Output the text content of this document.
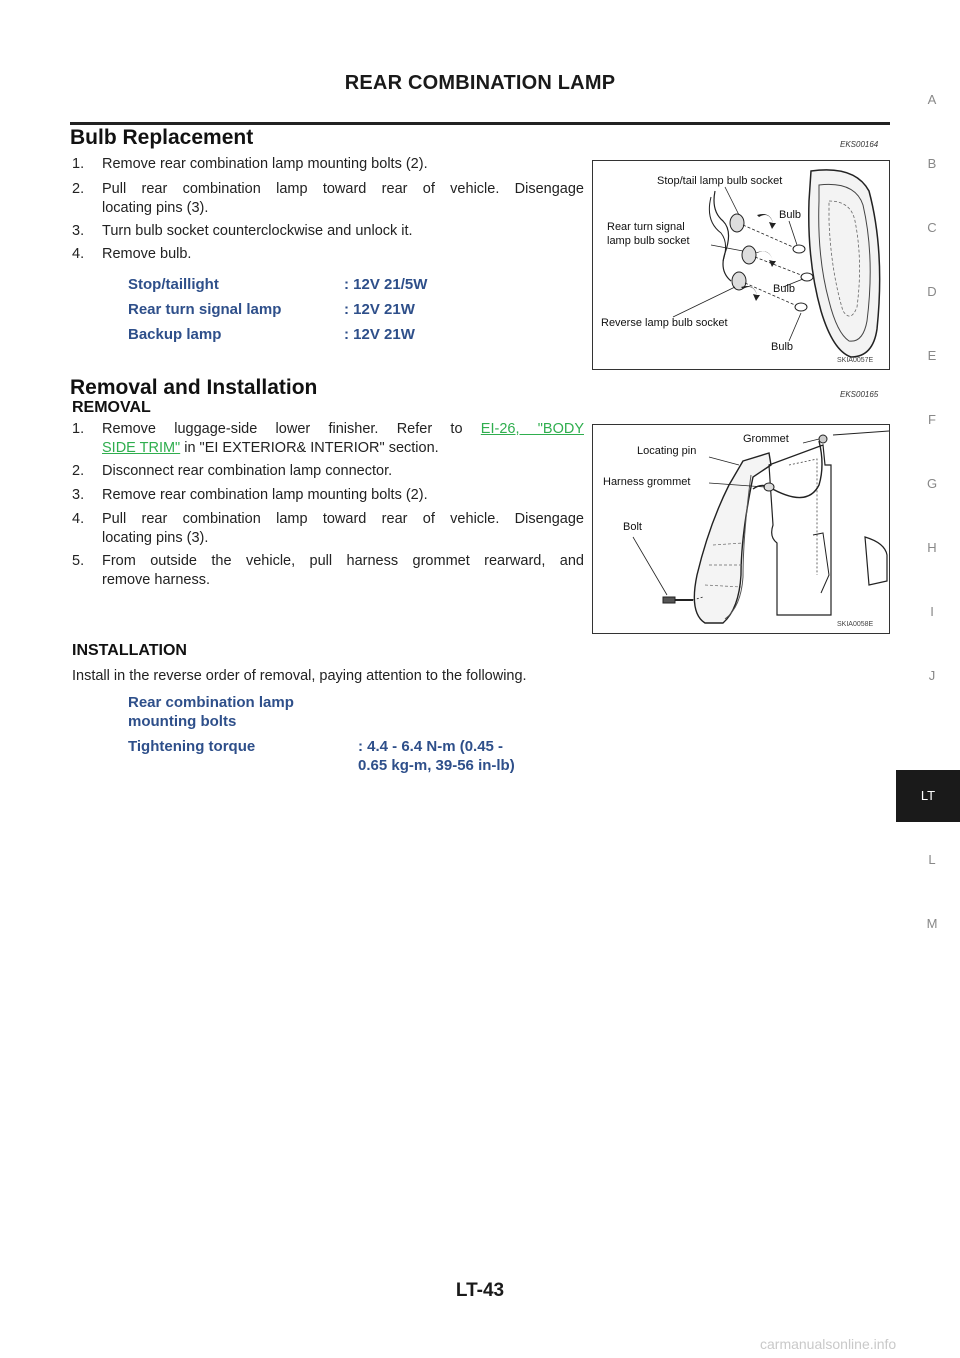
REAR COMBINATION LAMP
Bulb Replacement	EKS00164
1. Remove rear combination lamp mounting bolts (2).
2. Pull rear combination lamp toward rear of vehicle. Disengage
locating pins (3).
3. Turn bulb socket counterclockwise and unlock it.
4. Remove bulb.
Stop/taillight	: 12V 21/5W
Rear turn signal lamp	: 12V 21W
Backup lamp	: 12V 21W
Stop/tail lamp bulb socket
Bulb
Rear turn signal
lamp bulb socket
Bulb
Reverse lamp bulb socket
Bulb
SKIA0057E
Removal and Installation	EKS00165
REMOVAL
1. Remove luggage-side lower finisher. Refer to EI-26, "BODY
SIDE TRIM" in "EI EXTERIOR& INTERIOR" section.
2. Disconnect rear combination lamp connector.
3. Remove rear combination lamp mounting bolts (2).
4. Pull rear combination lamp toward rear of vehicle. Disengage
locating pins (3).
5. From outside the vehicle, pull harness grommet rearward, and
remove harness.
Grommet
Locating pin
Harness grommet
Bolt
SKIA0058E
INSTALLATION
Install in the reverse order of removal, paying attention to the following.
Rear combination lamp
mounting bolts
Tightening torque	: 4.4 - 6.4 N-m (0.45 -
0.65 kg-m, 39-56 in-lb)
A
B
C
D
E
F
G
H
I
J
LT
L
M
LT-43
carmanualsonline.info
